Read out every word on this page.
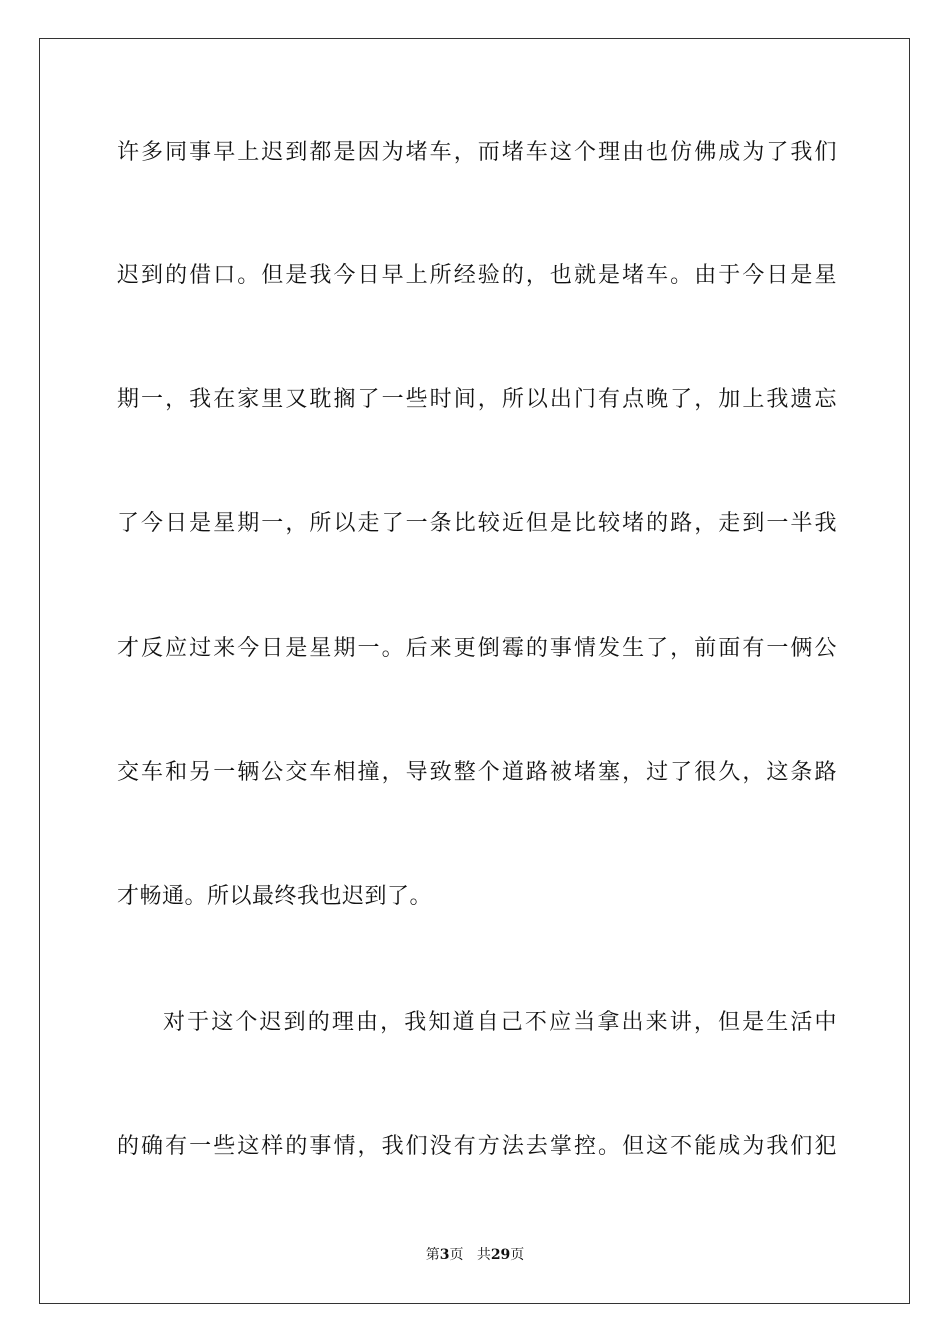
许多同事早上迟到都是因为堵车，而堵车这个理由也仿佛成为了我们
迟到的借口。但是我今日早上所经验的，也就是堵车。由于今日是星
期一，我在家里又耽搁了一些时间，所以出门有点晚了，加上我遗忘
了今日是星期一，所以走了一条比较近但是比较堵的路，走到一半我
才反应过来今日是星期一。后来更倒霉的事情发生了，前面有一俩公
交车和另一辆公交车相撞，导致整个道路被堵塞，过了很久，这条路
才畅通。所以最终我也迟到了。
对于这个迟到的理由，我知道自己不应当拿出来讲，但是生活中
的确有一些这样的事情，我们没有方法去掌控。但这不能成为我们犯
第3页 共29页
